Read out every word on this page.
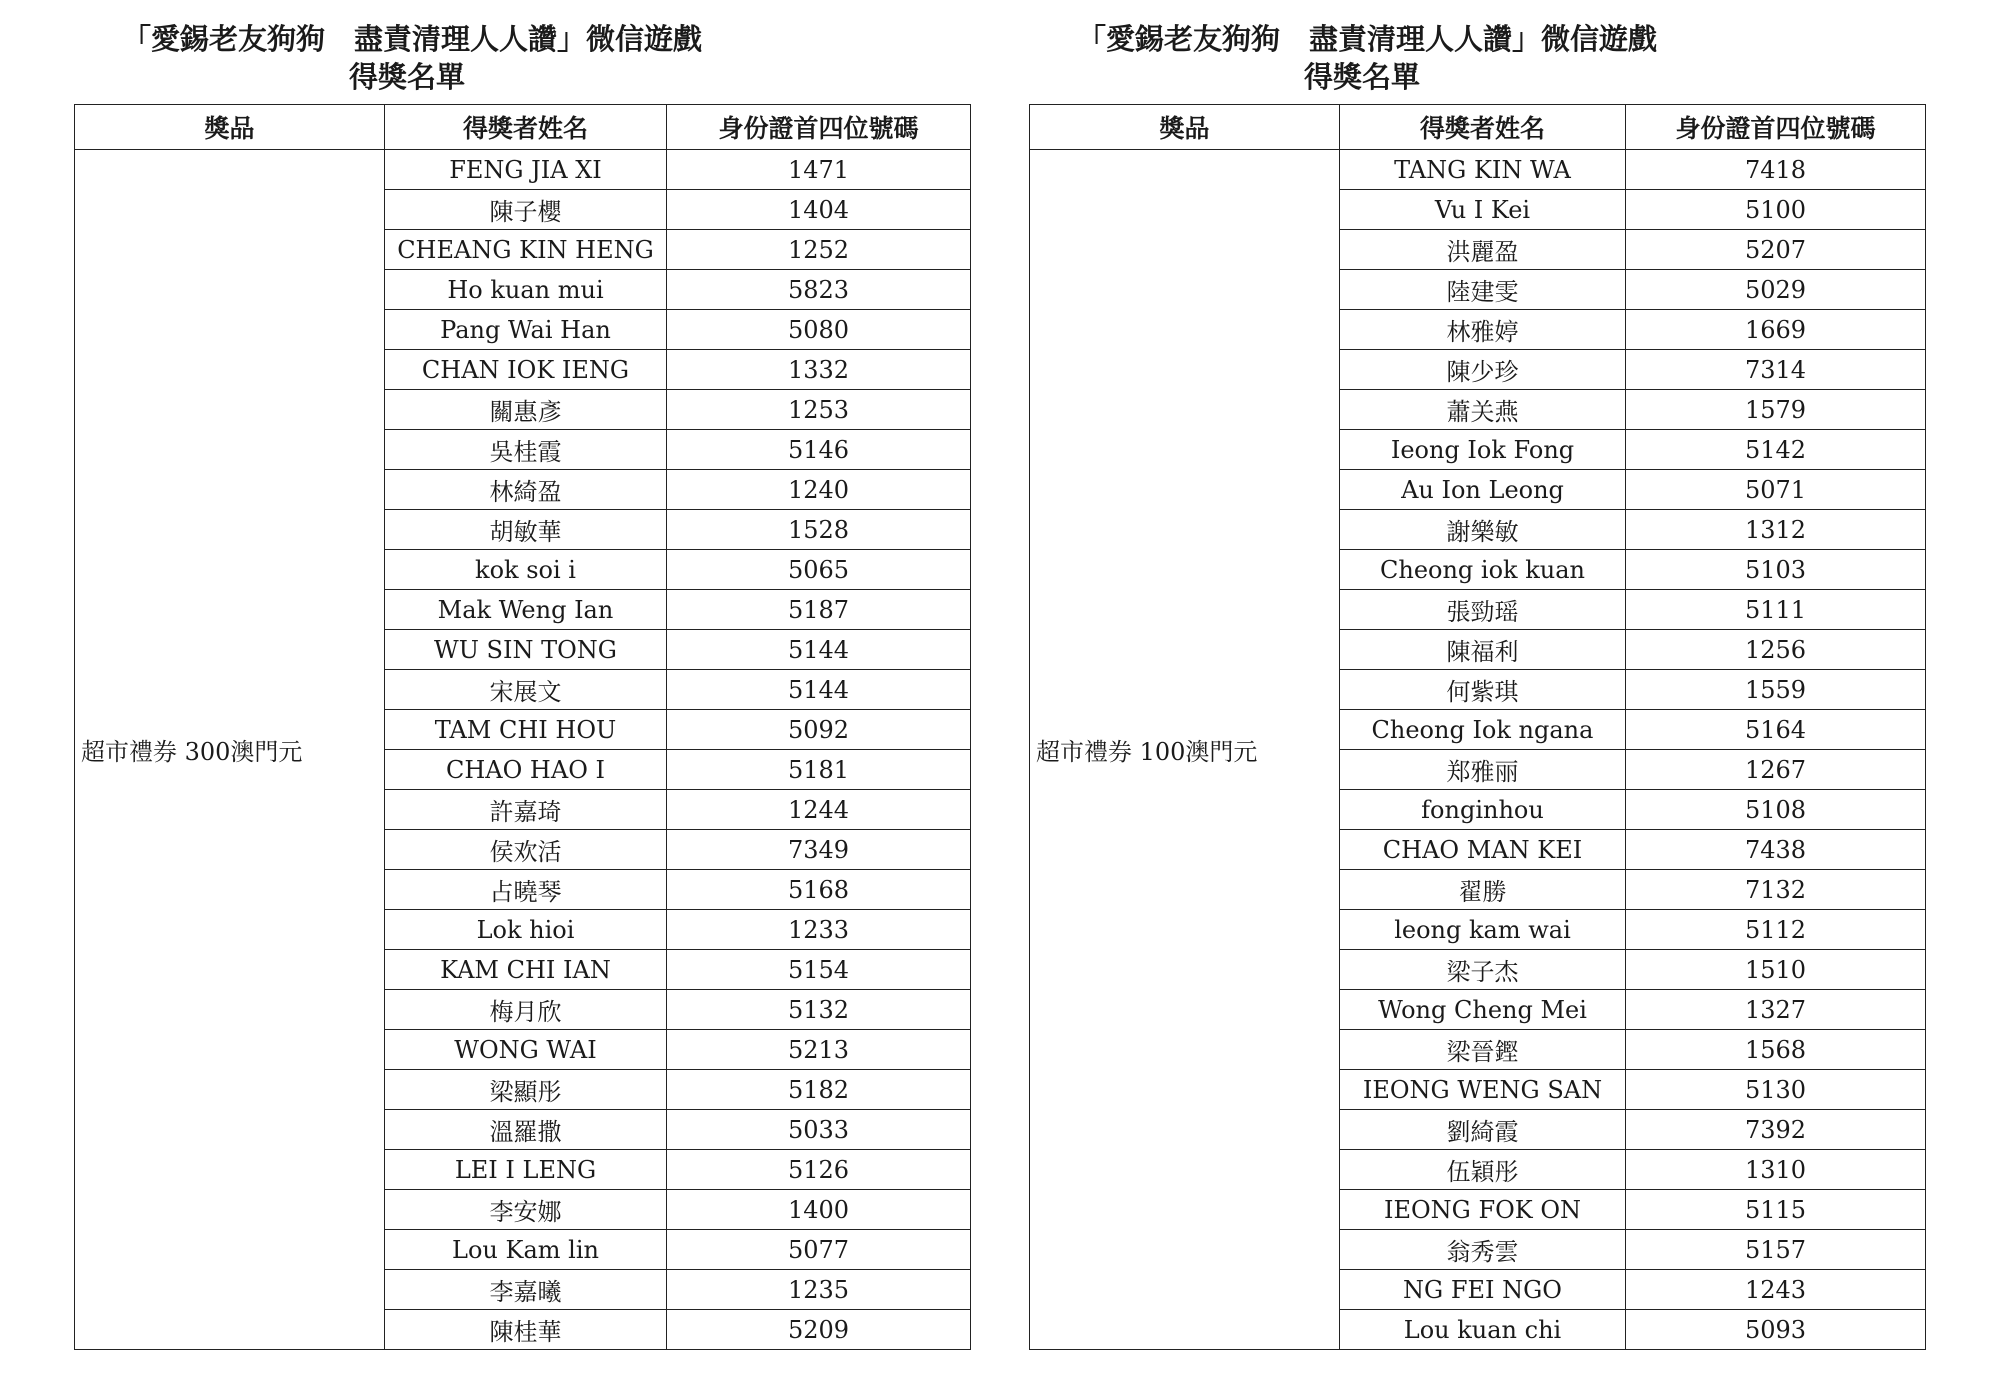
「愛錫老友狗狗　盡責清理人人讚」微信遊戲
得獎名單
獎品	得獎者姓名	身份證首四位號碼
超市禮券 300澳門元	FENG JIA XI	1471
	陳子櫻	1404
	CHEANG KIN HENG	1252
	Ho kuan mui	5823
	Pang Wai Han	5080
	CHAN IOK IENG	1332
	關惠彥	1253
	吳桂霞	5146
	林綺盈	1240
	胡敏華	1528
	kok soi i	5065
	Mak Weng Ian	5187
	WU SIN TONG	5144
	宋展文	5144
	TAM CHI HOU	5092
	CHAO HAO I	5181
	許嘉琦	1244
	侯欢活	7349
	占曉琴	5168
	Lok hioi	1233
	KAM CHI IAN	5154
	梅月欣	5132
	WONG WAI	5213
	梁顯彤	5182
	溫羅撒	5033
	LEI I LENG	5126
	李安娜	1400
	Lou Kam lin	5077
	李嘉曦	1235
	陳桂華	5209
「愛錫老友狗狗　盡責清理人人讚」微信遊戲
得獎名單
獎品	得獎者姓名	身份證首四位號碼
超市禮券 100澳門元	TANG KIN WA	7418
	Vu I Kei	5100
	洪麗盈	5207
	陸建雯	5029
	林雅婷	1669
	陳少珍	7314
	蕭关燕	1579
	Ieong Iok Fong	5142
	Au Ion Leong	5071
	謝樂敏	1312
	Cheong iok kuan	5103
	張勁瑶	5111
	陳福利	1256
	何紫琪	1559
	Cheong Iok ngana	5164
	郑雅丽	1267
	fonginhou	5108
	CHAO MAN KEI	7438
	翟勝	7132
	leong kam wai	5112
	梁子杰	1510
	Wong Cheng Mei	1327
	梁晉鏗	1568
	IEONG WENG SAN	5130
	劉綺霞	7392
	伍穎彤	1310
	IEONG FOK ON	5115
	翁秀雲	5157
	NG FEI NGO	1243
	Lou kuan chi	5093
